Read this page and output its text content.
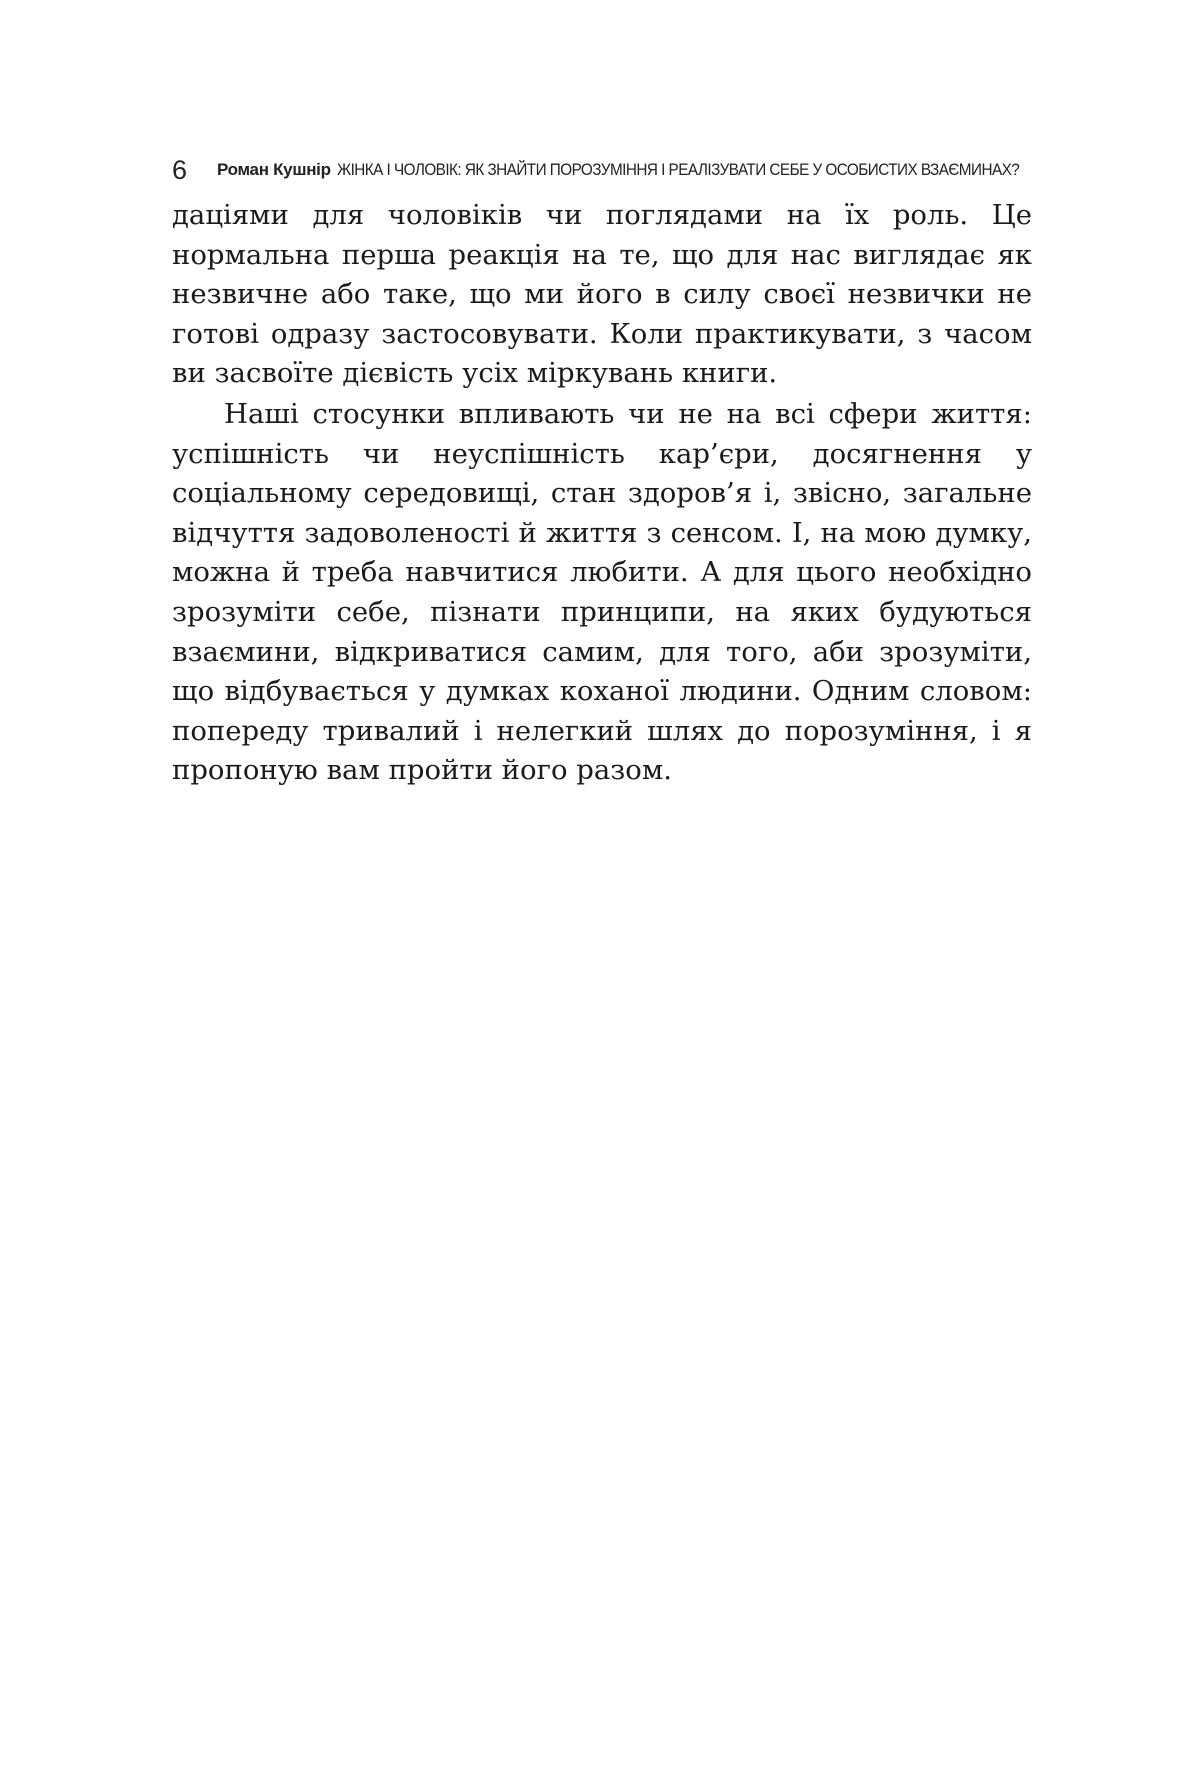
6 Роман Кушнір ЖІНКА І ЧОЛОВІК: ЯК ЗНАЙТИ ПОРОЗУМІННЯ І РЕАЛІЗУВАТИ СЕБЕ У ОСОБИСТИХ ВЗАЄМИНАХ?

даціями для чоловіків чи поглядами на їх роль. Це нормальна перша реакція на те, що для нас виглядає як незвичне або таке, що ми його в силу своєї незвички не готові одразу застосовувати. Коли практикувати, з часом ви засвоїте дієвість усіх міркувань книги.

Наші стосунки впливають чи не на всі сфери життя: успішність чи неуспішність кар’єри, досягнення у соціальному середовищі, стан здоров’я і, звісно, загальне відчуття задоволеності й життя з сенсом. І, на мою думку, можна й треба навчитися любити. А для цього необхідно зрозуміти себе, пізнати принципи, на яких будуються взаємини, відкриватися самим, для того, аби зрозуміти, що відбувається у думках коханої людини. Одним словом: попереду тривалий і нелегкий шлях до порозуміння, і я пропоную вам пройти його разом.
